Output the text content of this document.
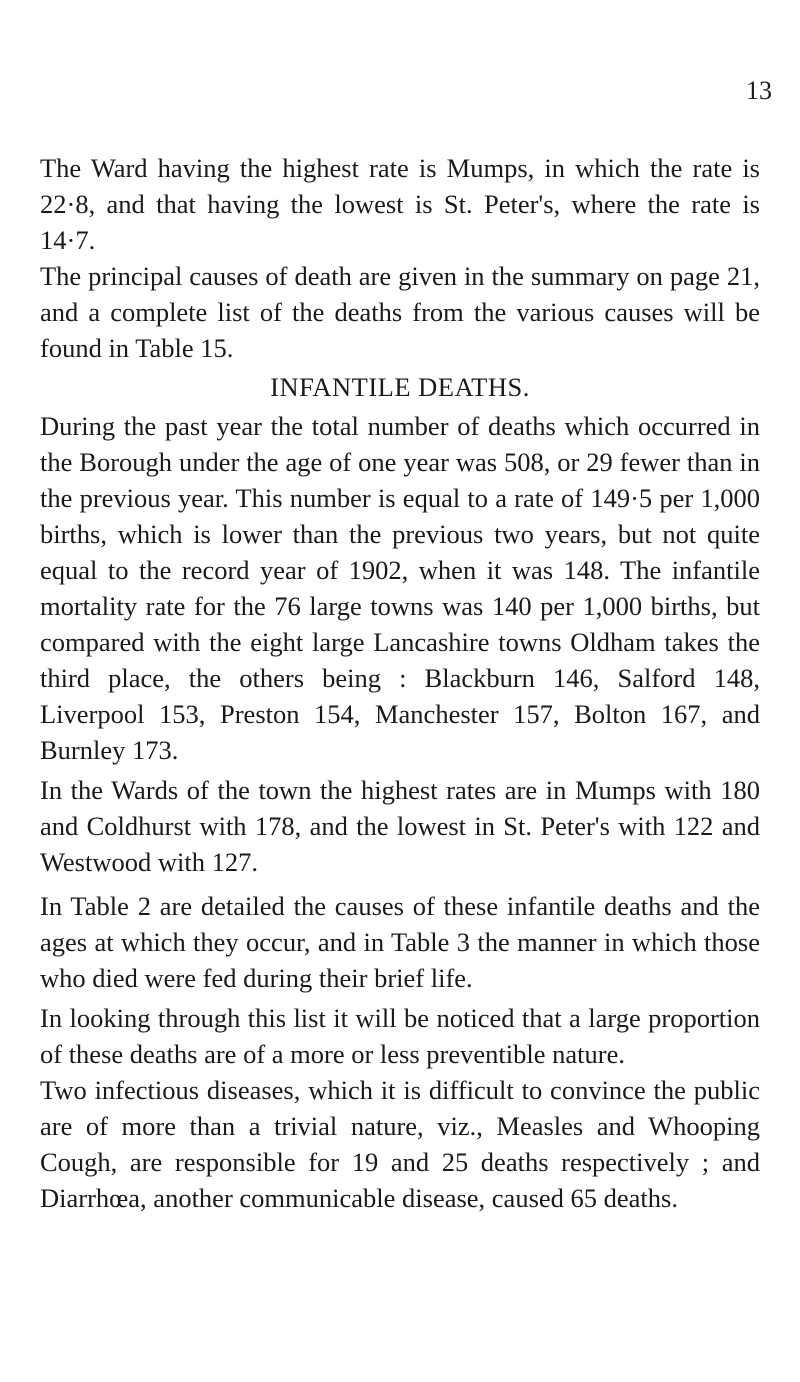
13

The Ward having the highest rate is Mumps, in which the rate is 22·8, and that having the lowest is St. Peter's, where the rate is 14·7.

The principal causes of death are given in the summary on page 21, and a complete list of the deaths from the various causes will be found in Table 15.

INFANTILE DEATHS.

During the past year the total number of deaths which occurred in the Borough under the age of one year was 508, or 29 fewer than in the previous year. This number is equal to a rate of 149·5 per 1,000 births, which is lower than the previous two years, but not quite equal to the record year of 1902, when it was 148. The infantile mortality rate for the 76 large towns was 140 per 1,000 births, but compared with the eight large Lancashire towns Oldham takes the third place, the others being : Blackburn 146, Salford 148, Liverpool 153, Preston 154, Manchester 157, Bolton 167, and Burnley 173.

In the Wards of the town the highest rates are in Mumps with 180 and Coldhurst with 178, and the lowest in St. Peter's with 122 and Westwood with 127.

In Table 2 are detailed the causes of these infantile deaths and the ages at which they occur, and in Table 3 the manner in which those who died were fed during their brief life.

In looking through this list it will be noticed that a large proportion of these deaths are of a more or less preventible nature.

Two infectious diseases, which it is difficult to convince the public are of more than a trivial nature, viz., Measles and Whooping Cough, are responsible for 19 and 25 deaths respectively ; and Diarrhœa, another communicable disease, caused 65 deaths.
